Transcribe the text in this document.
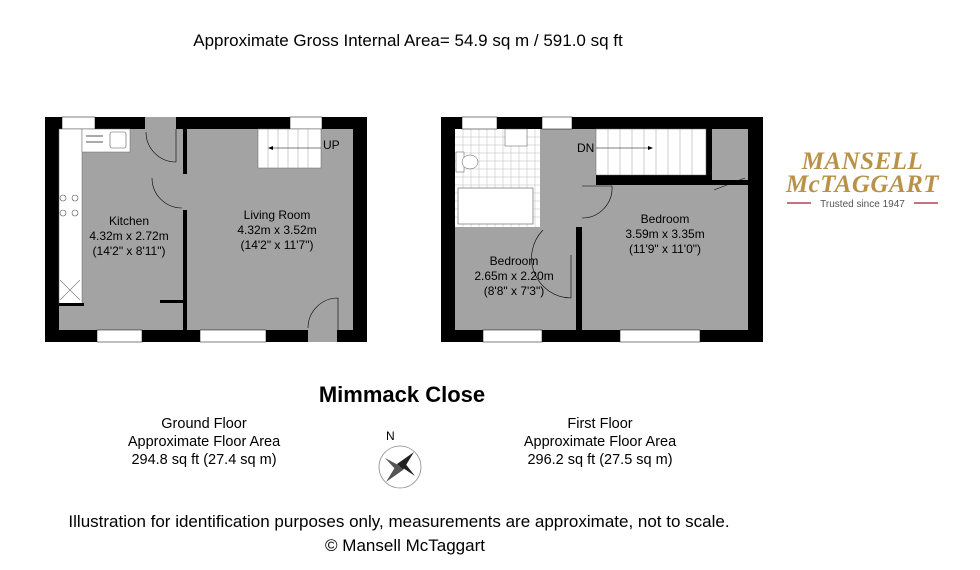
Approximate Gross Internal Area= 54.9 sq m / 591.0 sq ft
Kitchen
4.32m x 2.72m
(14'2" x 8'11")
Living Room
4.32m x 3.52m
(14'2" x 11'7")
UP
Bedroom
2.65m x 2.20m
(8'8" x 7'3")
Bedroom
3.59m x 3.35m
(11'9" x 11'0")
DN	MANSELL
McTAGGART
Trusted since 1947
Mimmack Close
Ground Floor
Approximate Floor Area
294.8 sq ft (27.4 sq m)
First Floor
Approximate Floor Area
296.2 sq ft (27.5 sq m)
N
Illustration for identification purposes only, measurements are approximate, not to scale.
© Mansell McTaggart
